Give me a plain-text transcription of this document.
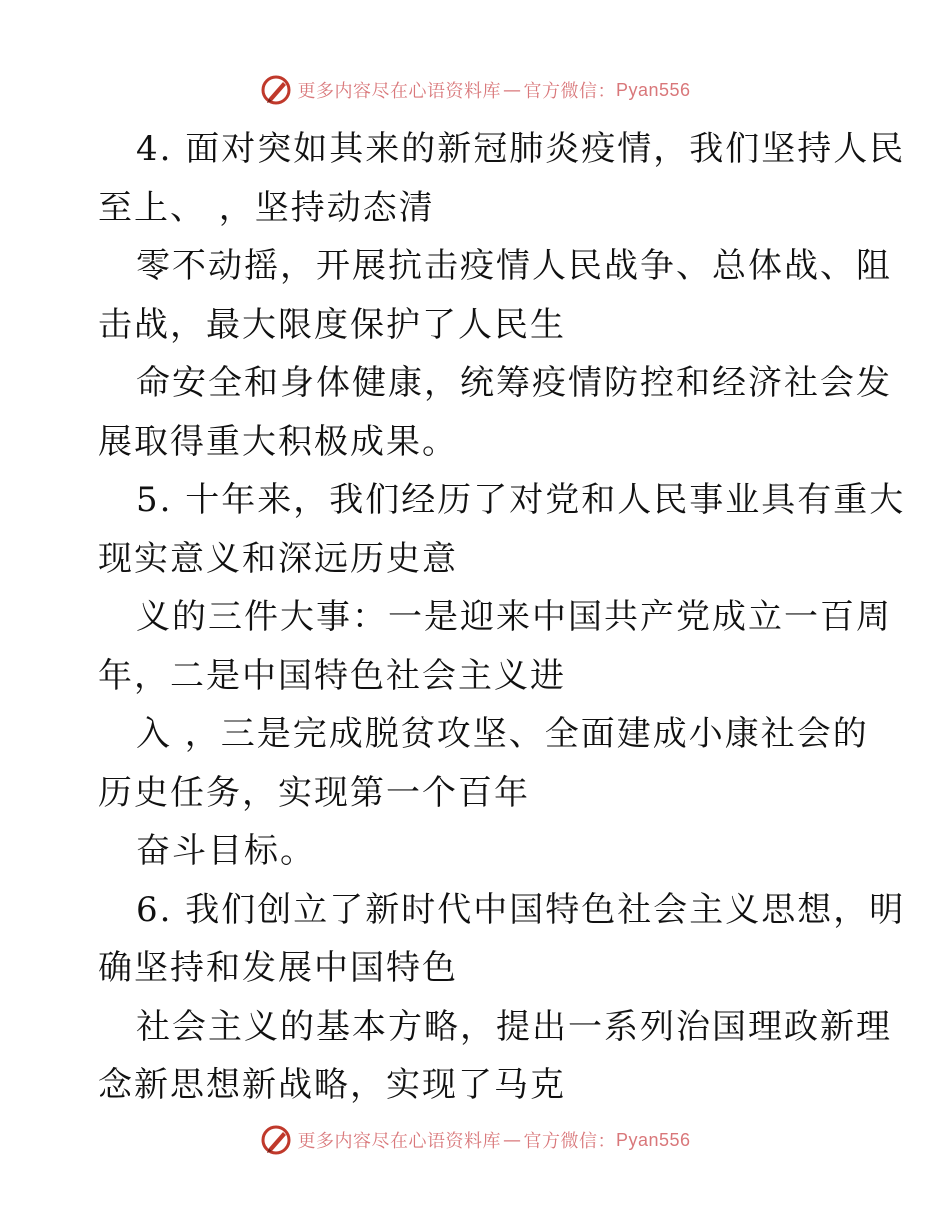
更多内容尽在心语资料库 — 官方微信： Pyan556
4. 面对突如其来的新冠肺炎疫情，我们坚持人民
至上、 ，坚持动态清
零不动摇，开展抗击疫情人民战争、总体战、阻
击战，最大限度保护了人民生
命安全和身体健康，统筹疫情防控和经济社会发
展取得重大积极成果。
5. 十年来，我们经历了对党和人民事业具有重大
现实意义和深远历史意
义的三件大事：一是迎来中国共产党成立一百周
年，二是中国特色社会主义进
入 ，三是完成脱贫攻坚、全面建成小康社会的
历史任务，实现第一个百年
奋斗目标。
6. 我们创立了新时代中国特色社会主义思想，明
确坚持和发展中国特色
社会主义的基本方略，提出一系列治国理政新理
念新思想新战略，实现了马克
更多内容尽在心语资料库 — 官方微信： Pyan556
